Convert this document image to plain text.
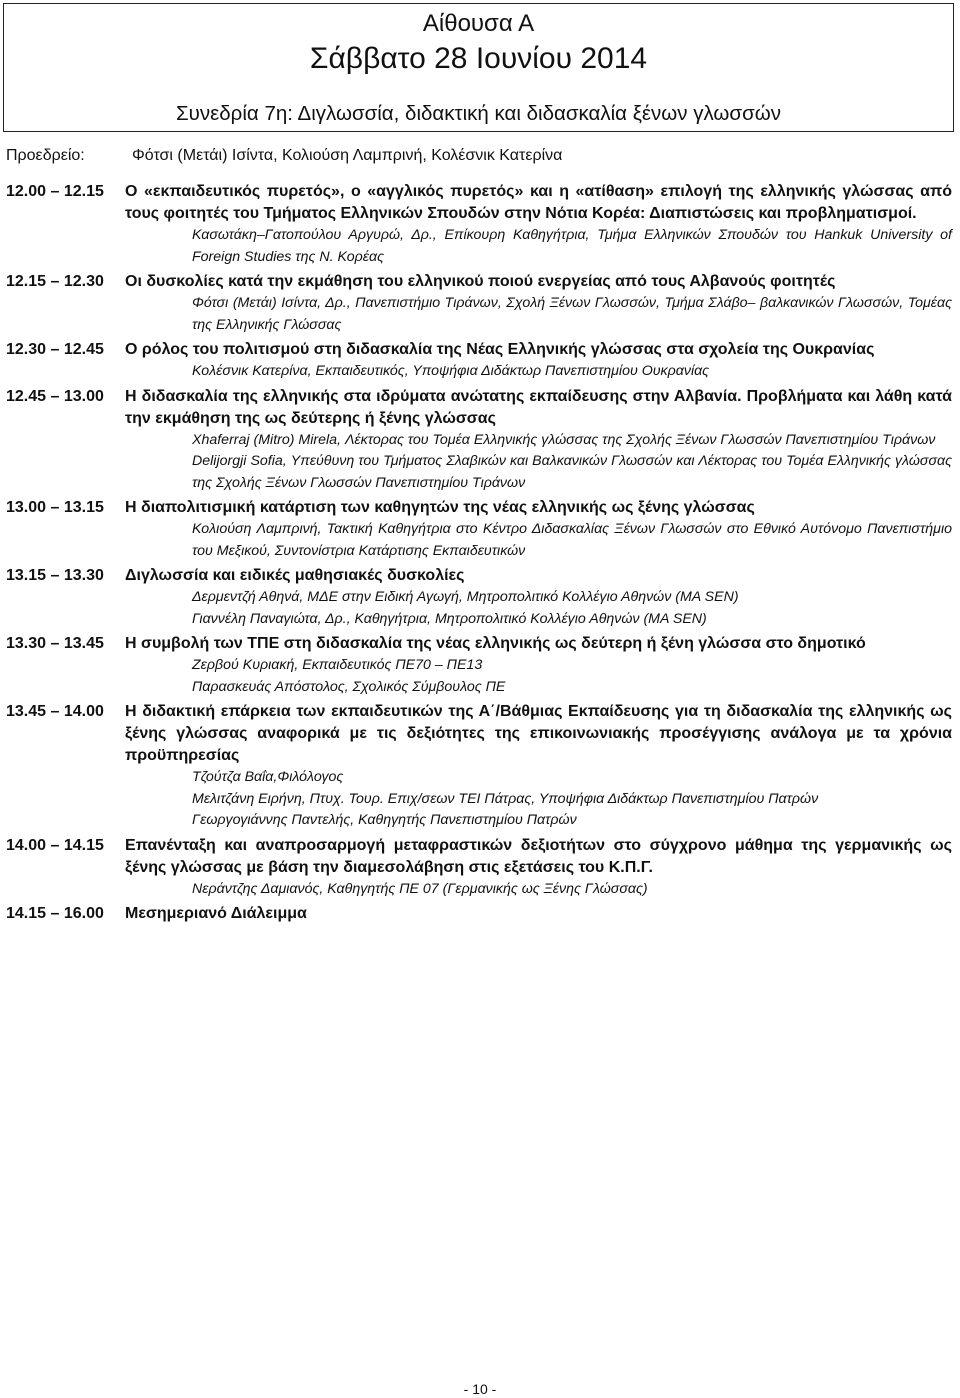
Αίθουσα Α
Σάββατο 28 Ιουνίου 2014
Συνεδρία 7η: Διγλωσσία, διδακτική και διδασκαλία ξένων γλωσσών
Προεδρείο:	Φότσι (Μετάι) Ισίντα, Κολιούση Λαμπρινή, Κολέσνικ Κατερίνα
12.00 – 12.15 Ο «εκπαιδευτικός πυρετός», ο «αγγλικός πυρετός» και η «ατίθαση» επιλογή της ελληνικής γλώσσας από τους φοιτητές του Τμήματος Ελληνικών Σπουδών στην Νότια Κορέα: Διαπιστώσεις και προβληματισμοί.
Κασωτάκη–Γατοπούλου Αργυρώ, Δρ., Επίκουρη Καθηγήτρια, Τμήμα Ελληνικών Σπουδών του Hankuk University of Foreign Studies της Ν. Κορέας
12.15 – 12.30 Οι δυσκολίες κατά την εκμάθηση του ελληνικού ποιού ενεργείας από τους Αλβανούς φοιτητές
Φότσι (Μετάι) Ισίντα, Δρ., Πανεπιστήμιο Τιράνων, Σχολή Ξένων Γλωσσών, Τμήμα Σλάβο– βαλκανικών Γλωσσών, Τομέας της Ελληνικής Γλώσσας
12.30 – 12.45 Ο ρόλος του πολιτισμού στη διδασκαλία της Νέας Ελληνικής γλώσσας στα σχολεία της Ουκρανίας
Κολέσνικ Κατερίνα, Εκπαιδευτικός, Υποψήφια Διδάκτωρ Πανεπιστημίου Ουκρανίας
12.45 – 13.00 Η διδασκαλία της ελληνικής στα ιδρύματα ανώτατης εκπαίδευσης στην Αλβανία. Προβλήματα και λάθη κατά την εκμάθηση της ως δεύτερης ή ξένης γλώσσας
Xhaferraj (Mitro) Mirela, Λέκτορας του Τομέα Ελληνικής γλώσσας της Σχολής Ξένων Γλωσσών Πανεπιστημίου Τιράνων
Delijorgji Sofia, Υπεύθυνη του Τμήματος Σλαβικών και Βαλκανικών Γλωσσών και Λέκτορας του Τομέα Ελληνικής γλώσσας της Σχολής Ξένων Γλωσσών Πανεπιστημίου Τιράνων
13.00 – 13.15 Η διαπολιτισμική κατάρτιση των καθηγητών της νέας ελληνικής ως ξένης γλώσσας
Κολιούση Λαμπρινή, Τακτική Καθηγήτρια στο Κέντρο Διδασκαλίας Ξένων Γλωσσών στο Εθνικό Αυτόνομο Πανεπιστήμιο του Μεξικού, Συντονίστρια Κατάρτισης Εκπαιδευτικών
13.15 – 13.30 Διγλωσσία και ειδικές μαθησιακές δυσκολίες
Δερμεντζή Αθηνά, ΜΔΕ στην Ειδική Αγωγή, Μητροπολιτικό Κολλέγιο Αθηνών (MA SEN)
Γιαννέλη Παναγιώτα, Δρ., Καθηγήτρια, Μητροπολιτικό Κολλέγιο Αθηνών (MA SEN)
13.30 – 13.45 Η συμβολή των ΤΠΕ στη διδασκαλία της νέας ελληνικής ως δεύτερη ή ξένη γλώσσα στο δημοτικό
Ζερβού Κυριακή, Εκπαιδευτικός ΠΕ70 – ΠΕ13
Παρασκευάς Απόστολος, Σχολικός Σύμβουλος ΠΕ
13.45 – 14.00 Η διδακτική επάρκεια των εκπαιδευτικών της Α΄/Βάθμιας Εκπαίδευσης για τη διδασκαλία της ελληνικής ως ξένης γλώσσας αναφορικά με τις δεξιότητες της επικοινωνιακής προσέγγισης ανάλογα με τα χρόνια προϋπηρεσίας
Τζούτζα Βαΐα,Φιλόλογος
Μελιτζάνη Ειρήνη, Πτυχ. Τουρ. Επιχ/σεων ΤΕΙ Πάτρας, Υποψήφια Διδάκτωρ Πανεπιστημίου Πατρών
Γεωργογιάννης Παντελής, Καθηγητής Πανεπιστημίου Πατρών
14.00 – 14.15 Επανένταξη και αναπροσαρμογή μεταφραστικών δεξιοτήτων στο σύγχρονο μάθημα της γερμανικής ως ξένης γλώσσας με βάση την διαμεσολάβηση στις εξετάσεις του Κ.Π.Γ.
Νεράντζης Δαμιανός, Καθηγητής ΠΕ 07 (Γερμανικής ως Ξένης Γλώσσας)
14.15 – 16.00 Μεσημεριανό Διάλειμμα
- 10 -
